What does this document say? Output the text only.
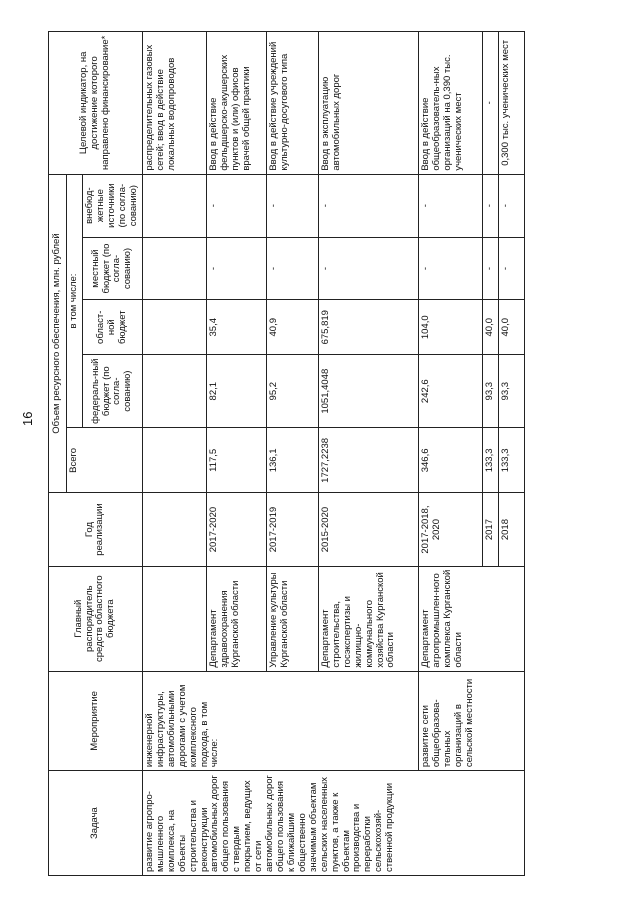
16
Задача	Мероприятие	Главный распорядитель средств областного бюджета	Год реализации	Объем ресурсного обеспечения, млн. рублей					Целевой индикатор, на достижение которого направлено финансирование*
				Всего	в том числе:				
					федераль-ный бюджет (по согла-сованию)	област-ной бюджет	местный бюджет (по согла-сованию)	внебюд-жетные источники (по согла-сованию)	
развитие агропро-мышленного комплекса, на объекты строительства и реконструкции автомобильных дорог общего пользования с твердым покрытием, ведущих от сети автомобильных дорог общего пользования к ближайшим общественно значимым объектам сельских населенных пунктов, а также к объектам производства и переработки сельскохозяй-ственной продукции	инженерной инфраструктуры, автомобильными дорогами с учетом комплексного подхода, в том числе:								распределительных газовых сетей; ввод в действие локальных водопроводов
		Департамент здравоохранения Курганской области	2017-2020	117,5	82,1	35,4	-	-	Ввод в действие фельдшерско-акушерских пунктов и (или) офисов врачей общей практики
		Управление культуры Курганской области	2017-2019	136,1	95,2	40,9	-	-	Ввод в действие учреждений культурно-досугового типа
		Департамент строительства, госэкспертизы и жилищно-коммунального хозяйства Курганской области	2015-2020	1727,2238	1051,4048	675,819	-	-	Ввод в эксплуатацию автомобильных дорог
	развитие сети общеобразова-тельных организаций в сельской местности	Департамент агропромышлен-ного комплекса Курганской области	2017-2018, 2020	346,6	242,6	104,0	-	-	Ввод в действие общеобразователь-ных организаций на 0,390 тыс. ученических мест
			2017	133,3	93,3	40,0	-	-	-
			2018	133,3	93,3	40,0	-	-	0,300 тыс. ученических мест
